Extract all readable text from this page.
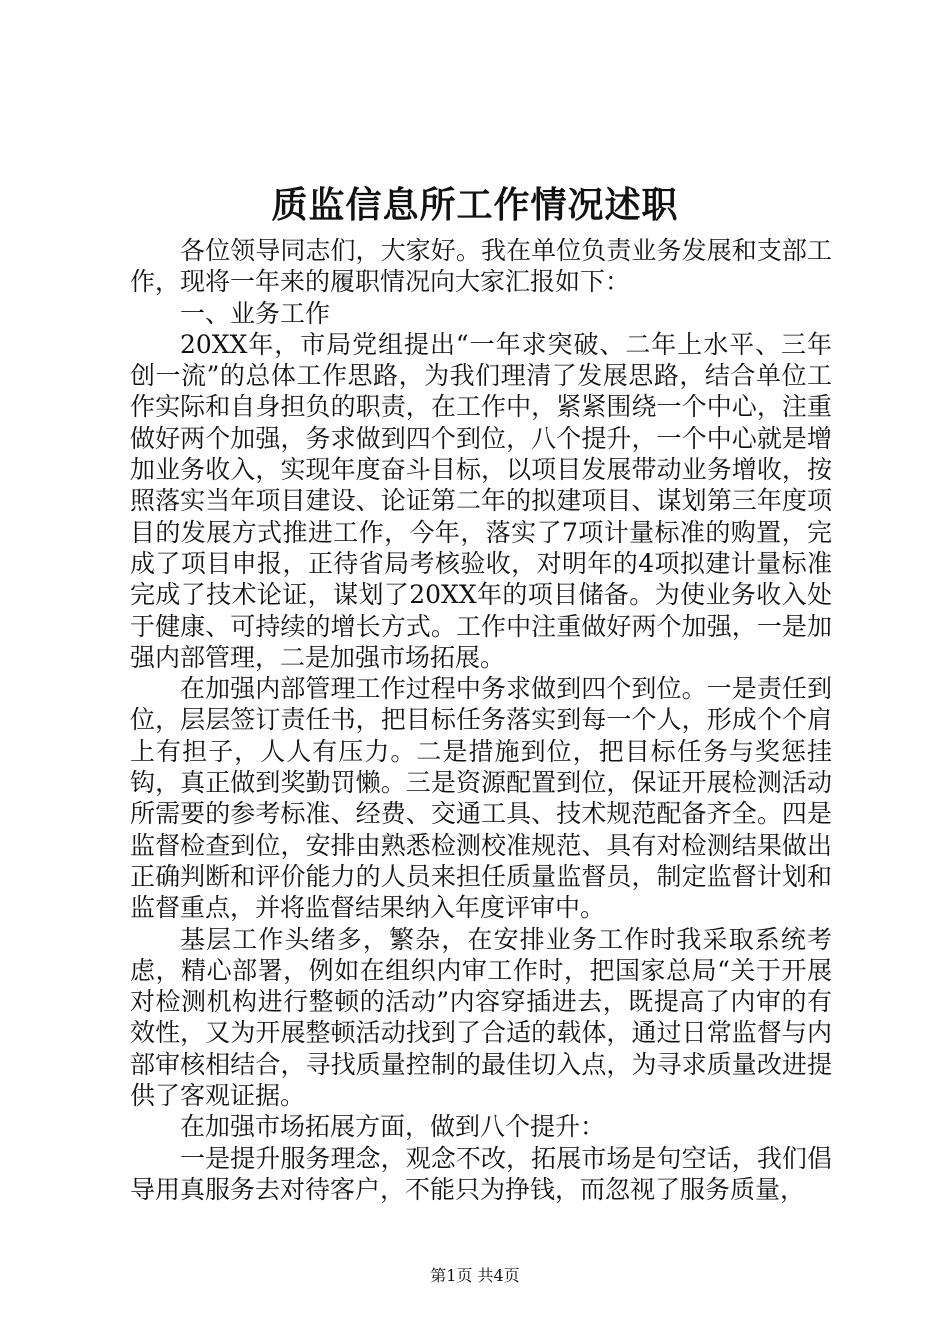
质监信息所工作情况述职

各位领导同志们，大家好。我在单位负责业务发展和支部工作，现将一年来的履职情况向大家汇报如下：

一、业务工作

20XX年，市局党组提出“一年求突破、二年上水平、三年创一流”的总体工作思路，为我们理清了发展思路，结合单位工作实际和自身担负的职责，在工作中，紧紧围绕一个中心，注重做好两个加强，务求做到四个到位，八个提升，一个中心就是增加业务收入，实现年度奋斗目标，以项目发展带动业务增收，按照落实当年项目建设、论证第二年的拟建项目、谋划第三年度项目的发展方式推进工作，今年，落实了7项计量标准的购置，完成了项目申报，正待省局考核验收，对明年的4项拟建计量标准完成了技术论证，谋划了20XX年的项目储备。为使业务收入处于健康、可持续的增长方式。工作中注重做好两个加强，一是加强内部管理，二是加强市场拓展。

在加强内部管理工作过程中务求做到四个到位。一是责任到位，层层签订责任书，把目标任务落实到每一个人，形成个个肩上有担子，人人有压力。二是措施到位，把目标任务与奖惩挂钩，真正做到奖勤罚懒。三是资源配置到位，保证开展检测活动所需要的参考标准、经费、交通工具、技术规范配备齐全。四是监督检查到位，安排由熟悉检测校准规范、具有对检测结果做出正确判断和评价能力的人员来担任质量监督员，制定监督计划和监督重点，并将监督结果纳入年度评审中。

基层工作头绪多，繁杂，在安排业务工作时我采取系统考虑，精心部署，例如在组织内审工作时，把国家总局“关于开展对检测机构进行整顿的活动”内容穿插进去，既提高了内审的有效性，又为开展整顿活动找到了合适的载体，通过日常监督与内部审核相结合，寻找质量控制的最佳切入点，为寻求质量改进提供了客观证据。

在加强市场拓展方面，做到八个提升：

一是提升服务理念，观念不改，拓展市场是句空话，我们倡导用真服务去对待客户，不能只为挣钱，而忽视了服务质量，

第1页 共4页
